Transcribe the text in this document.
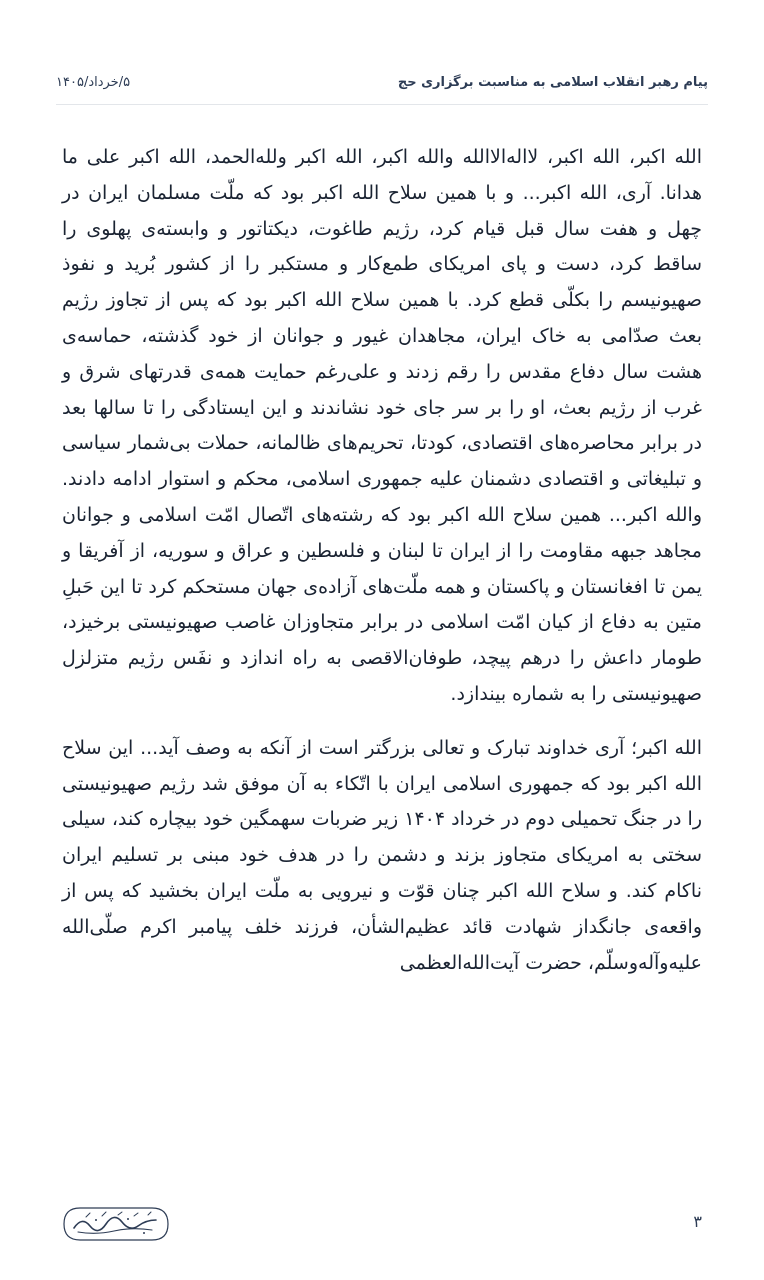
پیام رهبر انقلاب اسلامی به مناسبت برگزاری حج
۵/خرداد/۱۴۰۵

الله اکبر، الله اکبر، لااله‌الاالله والله اکبر، الله اکبر ولله‌الحمد، الله اکبر علی ما هدانا. آری، الله اکبر... و با همین سلاح الله اکبر بود که ملّت مسلمان ایران در چهل و هفت سال قبل قیام کرد، رژیم طاغوت، دیکتاتور و وابسته‌ی پهلوی را ساقط کرد، دست و پای امریکای طمع‌کار و مستکبر را از کشور بُرید و نفوذ صهیونیسم را بکلّی قطع کرد. با همین سلاح الله اکبر بود که پس از تجاوز رژیم بعث صدّامی به خاک ایران، مجاهدان غیور و جوانان از خود گذشته، حماسه‌ی هشت سال دفاع مقدس را رقم زدند و علی‌رغم حمایت همه‌ی قدرتهای شرق و غرب از رژیم بعث، او را بر سر جای خود نشاندند و این ایستادگی را تا سالها بعد در برابر محاصره‌های اقتصادی، کودتا، تحریم‌های ظالمانه، حملات بی‌شمار سیاسی و تبلیغاتی و اقتصادی دشمنان علیه جمهوری اسلامی، محکم و استوار ادامه دادند. والله اکبر... همین سلاح الله اکبر بود که رشته‌های اتّصال امّت اسلامی و جوانان مجاهد جبهه مقاومت را از ایران تا لبنان و فلسطین و عراق و سوریه، از آفریقا و یمن تا افغانستان و پاکستان و همه ملّت‌های آزاده‌ی جهان مستحکم کرد تا این حَبلِ متین به دفاع از کیان امّت اسلامی در برابر متجاوزان غاصب صهیونیستی برخیزد، طومار داعش را درهم پیچد، طوفان‌الاقصی به راه اندازد و نفَس رژیم متزلزل صهیونیستی را به شماره بیندازد.

الله اکبر؛ آری خداوند تبارک و تعالی بزرگتر است از آنکه به وصف آید... این سلاح الله اکبر بود که جمهوری اسلامی ایران با اتّکاء به آن موفق شد رژیم صهیونیستی را در جنگ تحمیلی دوم در خرداد ۱۴۰۴ زیر ضربات سهمگین خود بیچاره کند، سیلی سختی به امریکای متجاوز بزند و دشمن را در هدف خود مبنی بر تسلیم ایران ناکام کند. و سلاح الله اکبر چنان قوّت و نیرویی به ملّت ایران بخشید که پس از واقعه‌ی جانگداز شهادت قائد عظیم‌الشأن، فرزند خلف پیامبر اکرم صلّی‌الله علیه‌وآله‌وسلّم، حضرت آیت‌الله‌العظمی

۳
